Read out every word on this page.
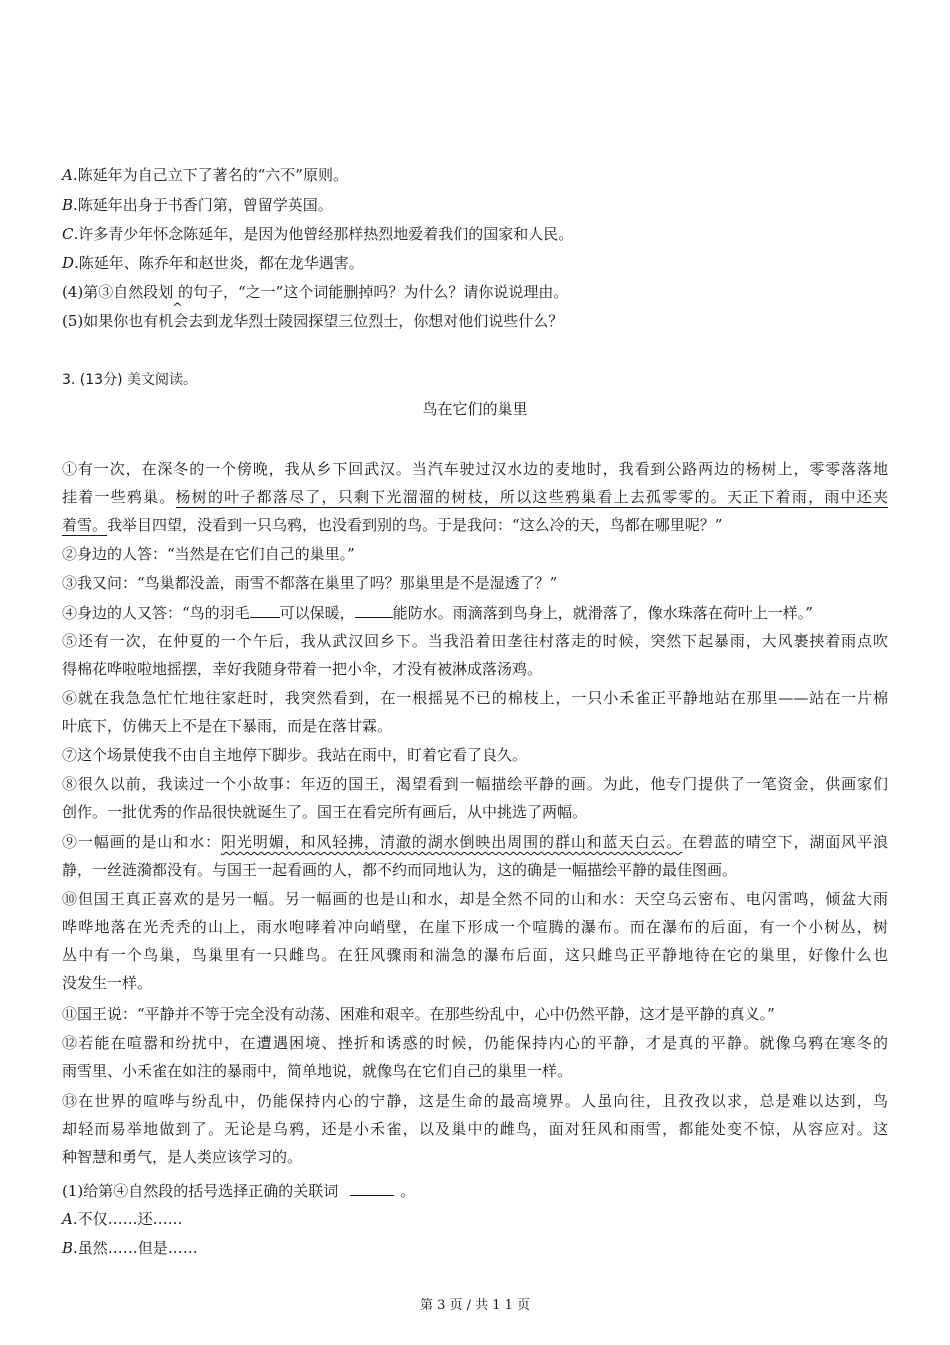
A.陈延年为自己立下了著名的“六不”原则。
B.陈延年出身于书香门第，曾留学英国。
C.许多青少年怀念陈延年，是因为他曾经那样热烈地爱着我们的国家和人民。
D.陈延年、陈乔年和赵世炎，都在龙华遇害。
(4)第③自然段划 的句子，“之一”这个词能删掉吗？为什么？请你说说理由。
^
(5)如果你也有机会去到龙华烈士陵园探望三位烈士，你想对他们说些什么？
3. (13分) 美文阅读。
鸟在它们的巢里
①有一次，在深冬的一个傍晚，我从乡下回武汉。当汽车驶过汉水边的麦地时，我看到公路两边的杨树上，零零落落地
挂着一些鸦巢。杨树的叶子都落尽了，只剩下光溜溜的树枝，所以这些鸦巢看上去孤零零的。天正下着雨，雨中还夹
着雪。我举目四望，没看到一只乌鸦，也没看到别的鸟。于是我问：“这么冷的天，鸟都在哪里呢？”
②身边的人答：“当然是在它们自己的巢里。”
③我又问：“鸟巢都没盖，雨雪不都落在巢里了吗？那巢里是不是湿透了？”
④身边的人又答：“鸟的羽毛 可以保暖，	能防水。雨滴落到鸟身上，就滑落了，像水珠落在荷叶上一样。”
⑤还有一次，在仲夏的一个午后，我从武汉回乡下。当我沿着田垄往村落走的时候，突然下起暴雨，大风裹挟着雨点吹
得棉花哗啦啦地摇摆，幸好我随身带着一把小伞，才没有被淋成落汤鸡。
⑥就在我急急忙忙地往家赶时，我突然看到，在一根摇晃不已的棉枝上，一只小禾雀正平静地站在那里——站在一片棉
叶底下，仿佛天上不是在下暴雨，而是在落甘霖。
⑦这个场景使我不由自主地停下脚步。我站在雨中，盯着它看了良久。
⑧很久以前，我读过一个小故事：年迈的国王，渴望看到一幅描绘平静的画。为此，他专门提供了一笔资金，供画家们
创作。一批优秀的作品很快就诞生了。国王在看完所有画后，从中挑选了两幅。
⑨一幅画的是山和水：阳光明媚，和风轻拂，清澈的湖水倒映出周围的群山和蓝天白云。在碧蓝的晴空下，湖面风平浪
静，一丝涟漪都没有。与国王一起看画的人，都不约而同地认为，这的确是一幅描绘平静的最佳图画。
⑩但国王真正喜欢的是另一幅。另一幅画的也是山和水，却是全然不同的山和水：天空乌云密布、电闪雷鸣，倾盆大雨
哗哗地落在光秃秃的山上，雨水咆哮着冲向峭壁，在崖下形成一个喧腾的瀑布。而在瀑布的后面，有一个小树丛，树
丛中有一个鸟巢，鸟巢里有一只雌鸟。在狂风骤雨和湍急的瀑布后面，这只雌鸟正平静地待在它的巢里，好像什么也
没发生一样。
⑪国王说：“平静并不等于完全没有动荡、困难和艰辛。在那些纷乱中，心中仍然平静，这才是平静的真义。”
⑫若能在喧嚣和纷扰中，在遭遇困境、挫折和诱惑的时候，仍能保持内心的平静，才是真的平静。就像乌鸦在寒冬的
雨雪里、小禾雀在如注的暴雨中，简单地说，就像鸟在它们自己的巢里一样。
⑬在世界的喧哗与纷乱中，仍能保持内心的宁静，这是生命的最高境界。人虽向往，且孜孜以求，总是难以达到，鸟
却轻而易举地做到了。无论是乌鸦，还是小禾雀，以及巢中的雌鸟，面对狂风和雨雪，都能处变不惊，从容应对。这
种智慧和勇气，是人类应该学习的。
(1)给第④自然段的括号选择正确的关联词	。
A.不仅……还……
B.虽然……但是……
第 3 页 / 共 1 1 页
